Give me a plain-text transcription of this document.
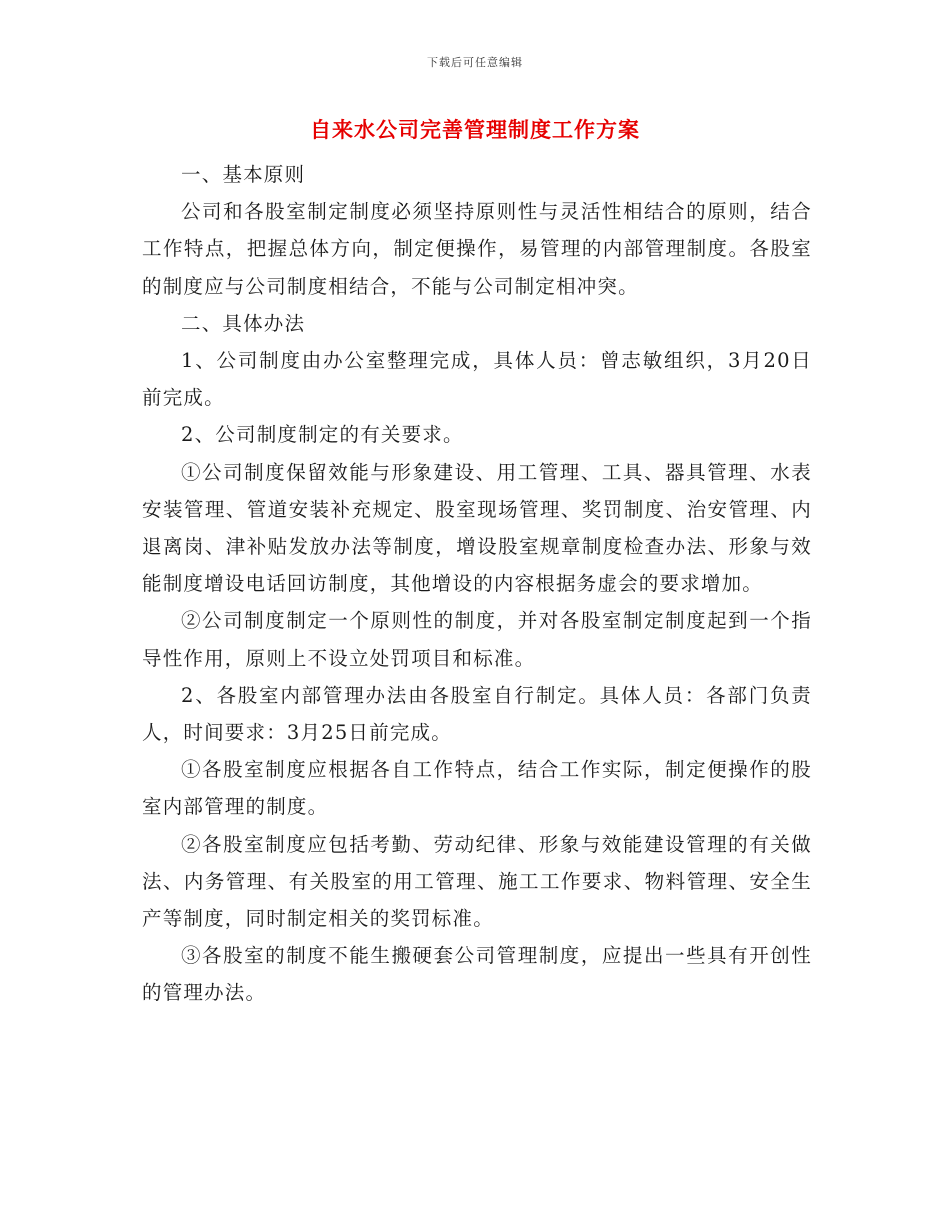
下载后可任意编辑
自来水公司完善管理制度工作方案

一、基本原则

公司和各股室制定制度必须坚持原则性与灵活性相结合的原则，结合工作特点，把握总体方向，制定便操作，易管理的内部管理制度。各股室的制度应与公司制度相结合，不能与公司制定相冲突。

二、具体办法

1、公司制度由办公室整理完成，具体人员：曾志敏组织，3月20日前完成。

2、公司制度制定的有关要求。

①公司制度保留效能与形象建设、用工管理、工具、器具管理、水表安装管理、管道安装补充规定、股室现场管理、奖罚制度、治安管理、内退离岗、津补贴发放办法等制度，增设股室规章制度检查办法、形象与效能制度增设电话回访制度，其他增设的内容根据务虚会的要求增加。

②公司制度制定一个原则性的制度，并对各股室制定制度起到一个指导性作用，原则上不设立处罚项目和标准。

2、各股室内部管理办法由各股室自行制定。具体人员：各部门负责人，时间要求：3月25日前完成。

①各股室制度应根据各自工作特点，结合工作实际，制定便操作的股室内部管理的制度。

②各股室制度应包括考勤、劳动纪律、形象与效能建设管理的有关做法、内务管理、有关股室的用工管理、施工工作要求、物料管理、安全生产等制度，同时制定相关的奖罚标准。

③各股室的制度不能生搬硬套公司管理制度，应提出一些具有开创性的管理办法。
